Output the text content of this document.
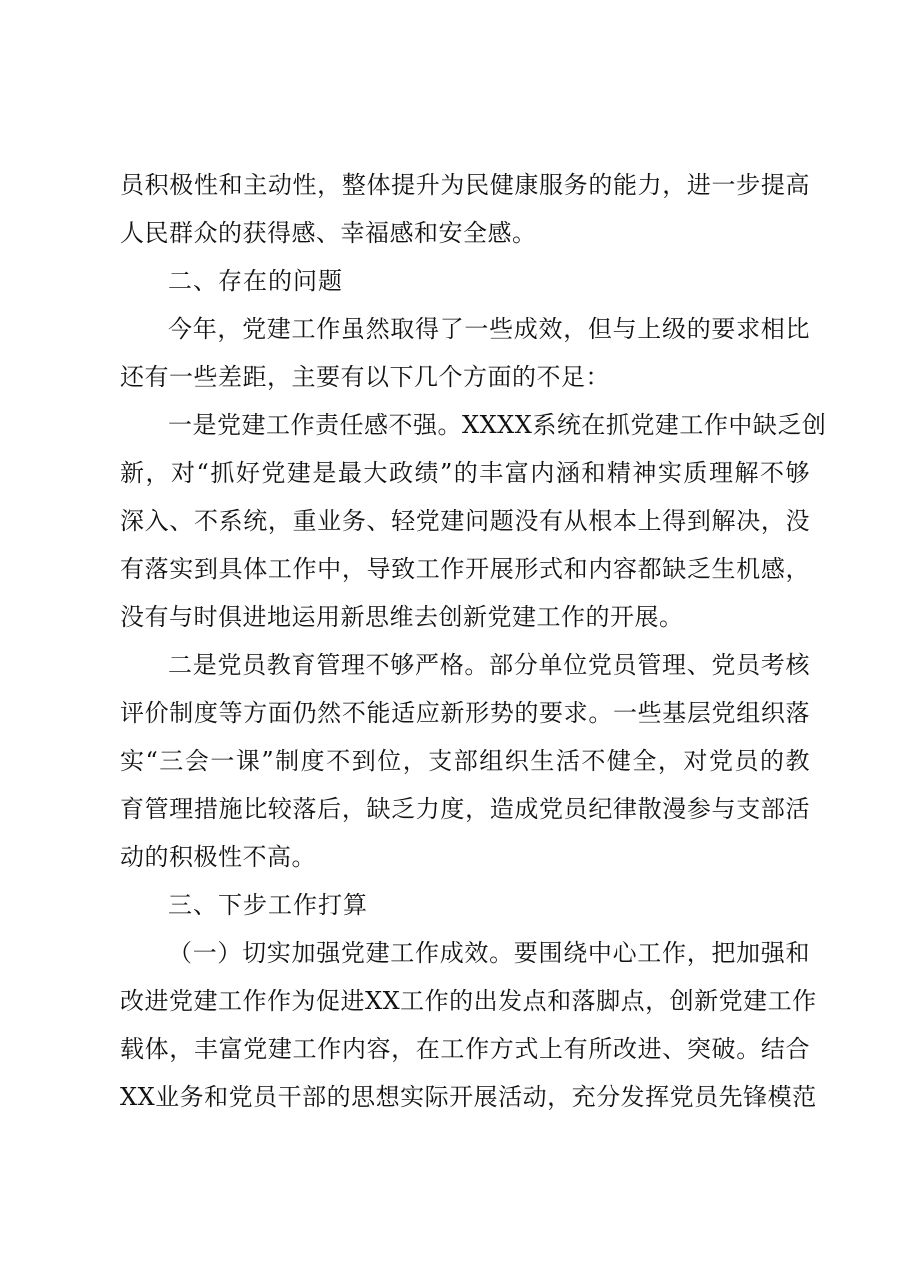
员积极性和主动性，整体提升为民健康服务的能力，进一步提高
人民群众的获得感、幸福感和安全感。
二、存在的问题
今年，党建工作虽然取得了一些成效，但与上级的要求相比
还有一些差距，主要有以下几个方面的不足：
一是党建工作责任感不强。XXXX系统在抓党建工作中缺乏创
新，对“抓好党建是最大政绩”的丰富内涵和精神实质理解不够
深入、不系统，重业务、轻党建问题没有从根本上得到解决，没
有落实到具体工作中，导致工作开展形式和内容都缺乏生机感，
没有与时俱进地运用新思维去创新党建工作的开展。
二是党员教育管理不够严格。部分单位党员管理、党员考核
评价制度等方面仍然不能适应新形势的要求。一些基层党组织落
实“三会一课”制度不到位，支部组织生活不健全，对党员的教
育管理措施比较落后，缺乏力度，造成党员纪律散漫参与支部活
动的积极性不高。
三、下步工作打算
（一）切实加强党建工作成效。要围绕中心工作，把加强和
改进党建工作作为促进XX工作的出发点和落脚点，创新党建工作
载体，丰富党建工作内容，在工作方式上有所改进、突破。结合
XX业务和党员干部的思想实际开展活动，充分发挥党员先锋模范
